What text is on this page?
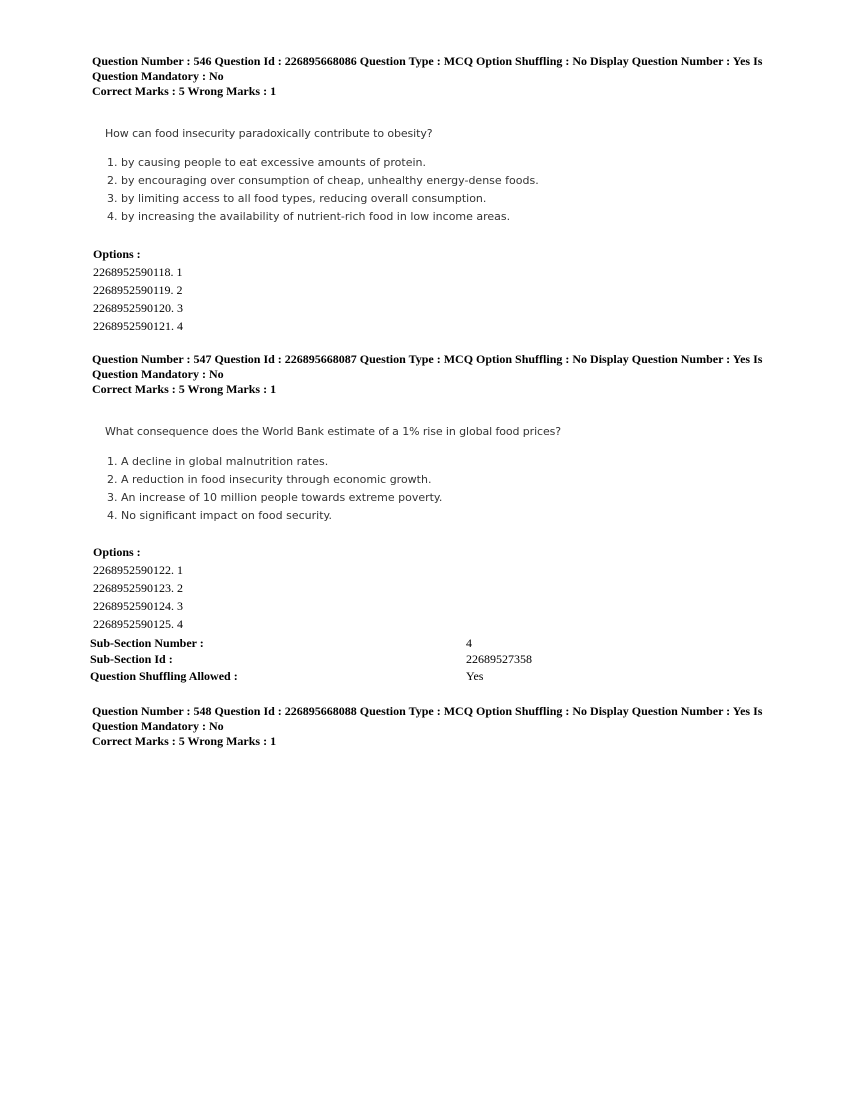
Question Number : 546 Question Id : 226895668086 Question Type : MCQ Option Shuffling : No Display Question Number : Yes Is
Question Mandatory : No
Correct Marks : 5 Wrong Marks : 1
How can food insecurity paradoxically contribute to obesity?
1. by causing people to eat excessive amounts of protein.
2. by encouraging over consumption of cheap, unhealthy energy-dense foods.
3. by limiting access to all food types, reducing overall consumption.
4. by increasing the availability of nutrient-rich food in low income areas.
Options :
2268952590118. 1
2268952590119. 2
2268952590120. 3
2268952590121. 4
Question Number : 547 Question Id : 226895668087 Question Type : MCQ Option Shuffling : No Display Question Number : Yes Is
Question Mandatory : No
Correct Marks : 5 Wrong Marks : 1
What consequence does the World Bank estimate of a 1% rise in global food prices?
1. A decline in global malnutrition rates.
2. A reduction in food insecurity through economic growth.
3. An increase of 10 million people towards extreme poverty.
4. No significant impact on food security.
Options :
2268952590122. 1
2268952590123. 2
2268952590124. 3
2268952590125. 4
Sub-Section Number :	4
Sub-Section Id :	22689527358
Question Shuffling Allowed :	Yes
Question Number : 548 Question Id : 226895668088 Question Type : MCQ Option Shuffling : No Display Question Number : Yes Is
Question Mandatory : No
Correct Marks : 5 Wrong Marks : 1
